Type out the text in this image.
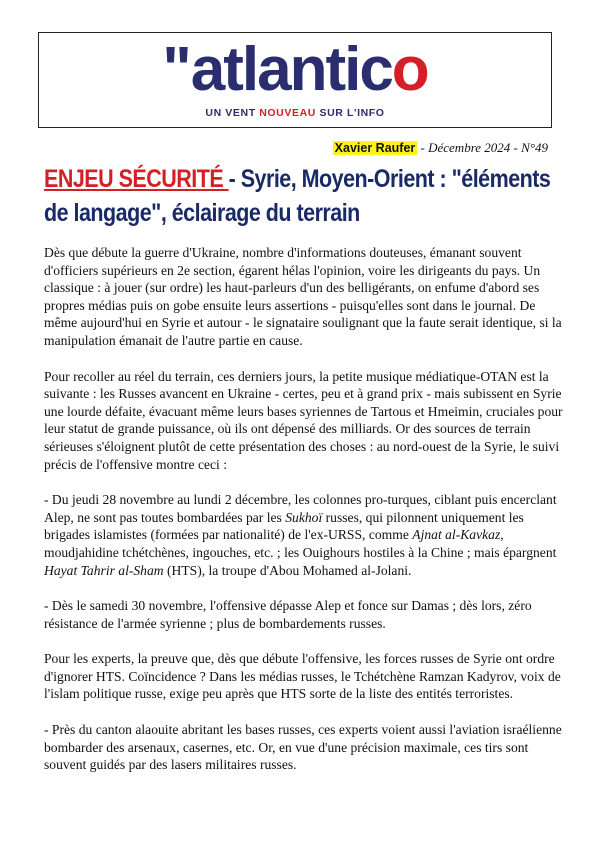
"atlantico
UN VENT NOUVEAU SUR L'INFO
Xavier Raufer - Décembre 2024 - N°49
ENJEU SÉCURITÉ - Syrie, Moyen-Orient : "éléments de langage", éclairage du terrain

Dès que débute la guerre d'Ukraine, nombre d'informations douteuses, émanant souvent d'officiers supérieurs en 2e section, égarent hélas l'opinion, voire les dirigeants du pays. Un classique : à jouer (sur ordre) les haut-parleurs d'un des belligérants, on enfume d'abord ses propres médias puis on gobe ensuite leurs assertions - puisqu'elles sont dans le journal. De même aujourd'hui en Syrie et autour - le signataire soulignant que la faute serait identique, si la manipulation émanait de l'autre partie en cause.

Pour recoller au réel du terrain, ces derniers jours, la petite musique médiatique-OTAN est la suivante : les Russes avancent en Ukraine - certes, peu et à grand prix - mais subissent en Syrie une lourde défaite, évacuant même leurs bases syriennes de Tartous et Hmeimin, cruciales pour leur statut de grande puissance, où ils ont dépensé des milliards. Or des sources de terrain sérieuses s'éloignent plutôt de cette présentation des choses : au nord-ouest de la Syrie, le suivi précis de l'offensive montre ceci :

- Du jeudi 28 novembre au lundi 2 décembre, les colonnes pro-turques, ciblant puis encerclant Alep, ne sont pas toutes bombardées par les Sukhoï russes, qui pilonnent uniquement les brigades islamistes (formées par nationalité) de l'ex-URSS, comme Ajnat al-Kavkaz, moudjahidine tchétchènes, ingouches, etc. ; les Ouighours hostiles à la Chine ; mais épargnent Hayat Tahrir al-Sham (HTS), la troupe d'Abou Mohamed al-Jolani.

- Dès le samedi 30 novembre, l'offensive dépasse Alep et fonce sur Damas ; dès lors, zéro résistance de l'armée syrienne ; plus de bombardements russes.

Pour les experts, la preuve que, dès que débute l'offensive, les forces russes de Syrie ont ordre d'ignorer HTS. Coïncidence ? Dans les médias russes, le Tchétchène Ramzan Kadyrov, voix de l'islam politique russe, exige peu après que HTS sorte de la liste des entités terroristes.

- Près du canton alaouite abritant les bases russes, ces experts voient aussi l'aviation israélienne bombarder des arsenaux, casernes, etc. Or, en vue d'une précision maximale, ces tirs sont souvent guidés par des lasers militaires russes.
